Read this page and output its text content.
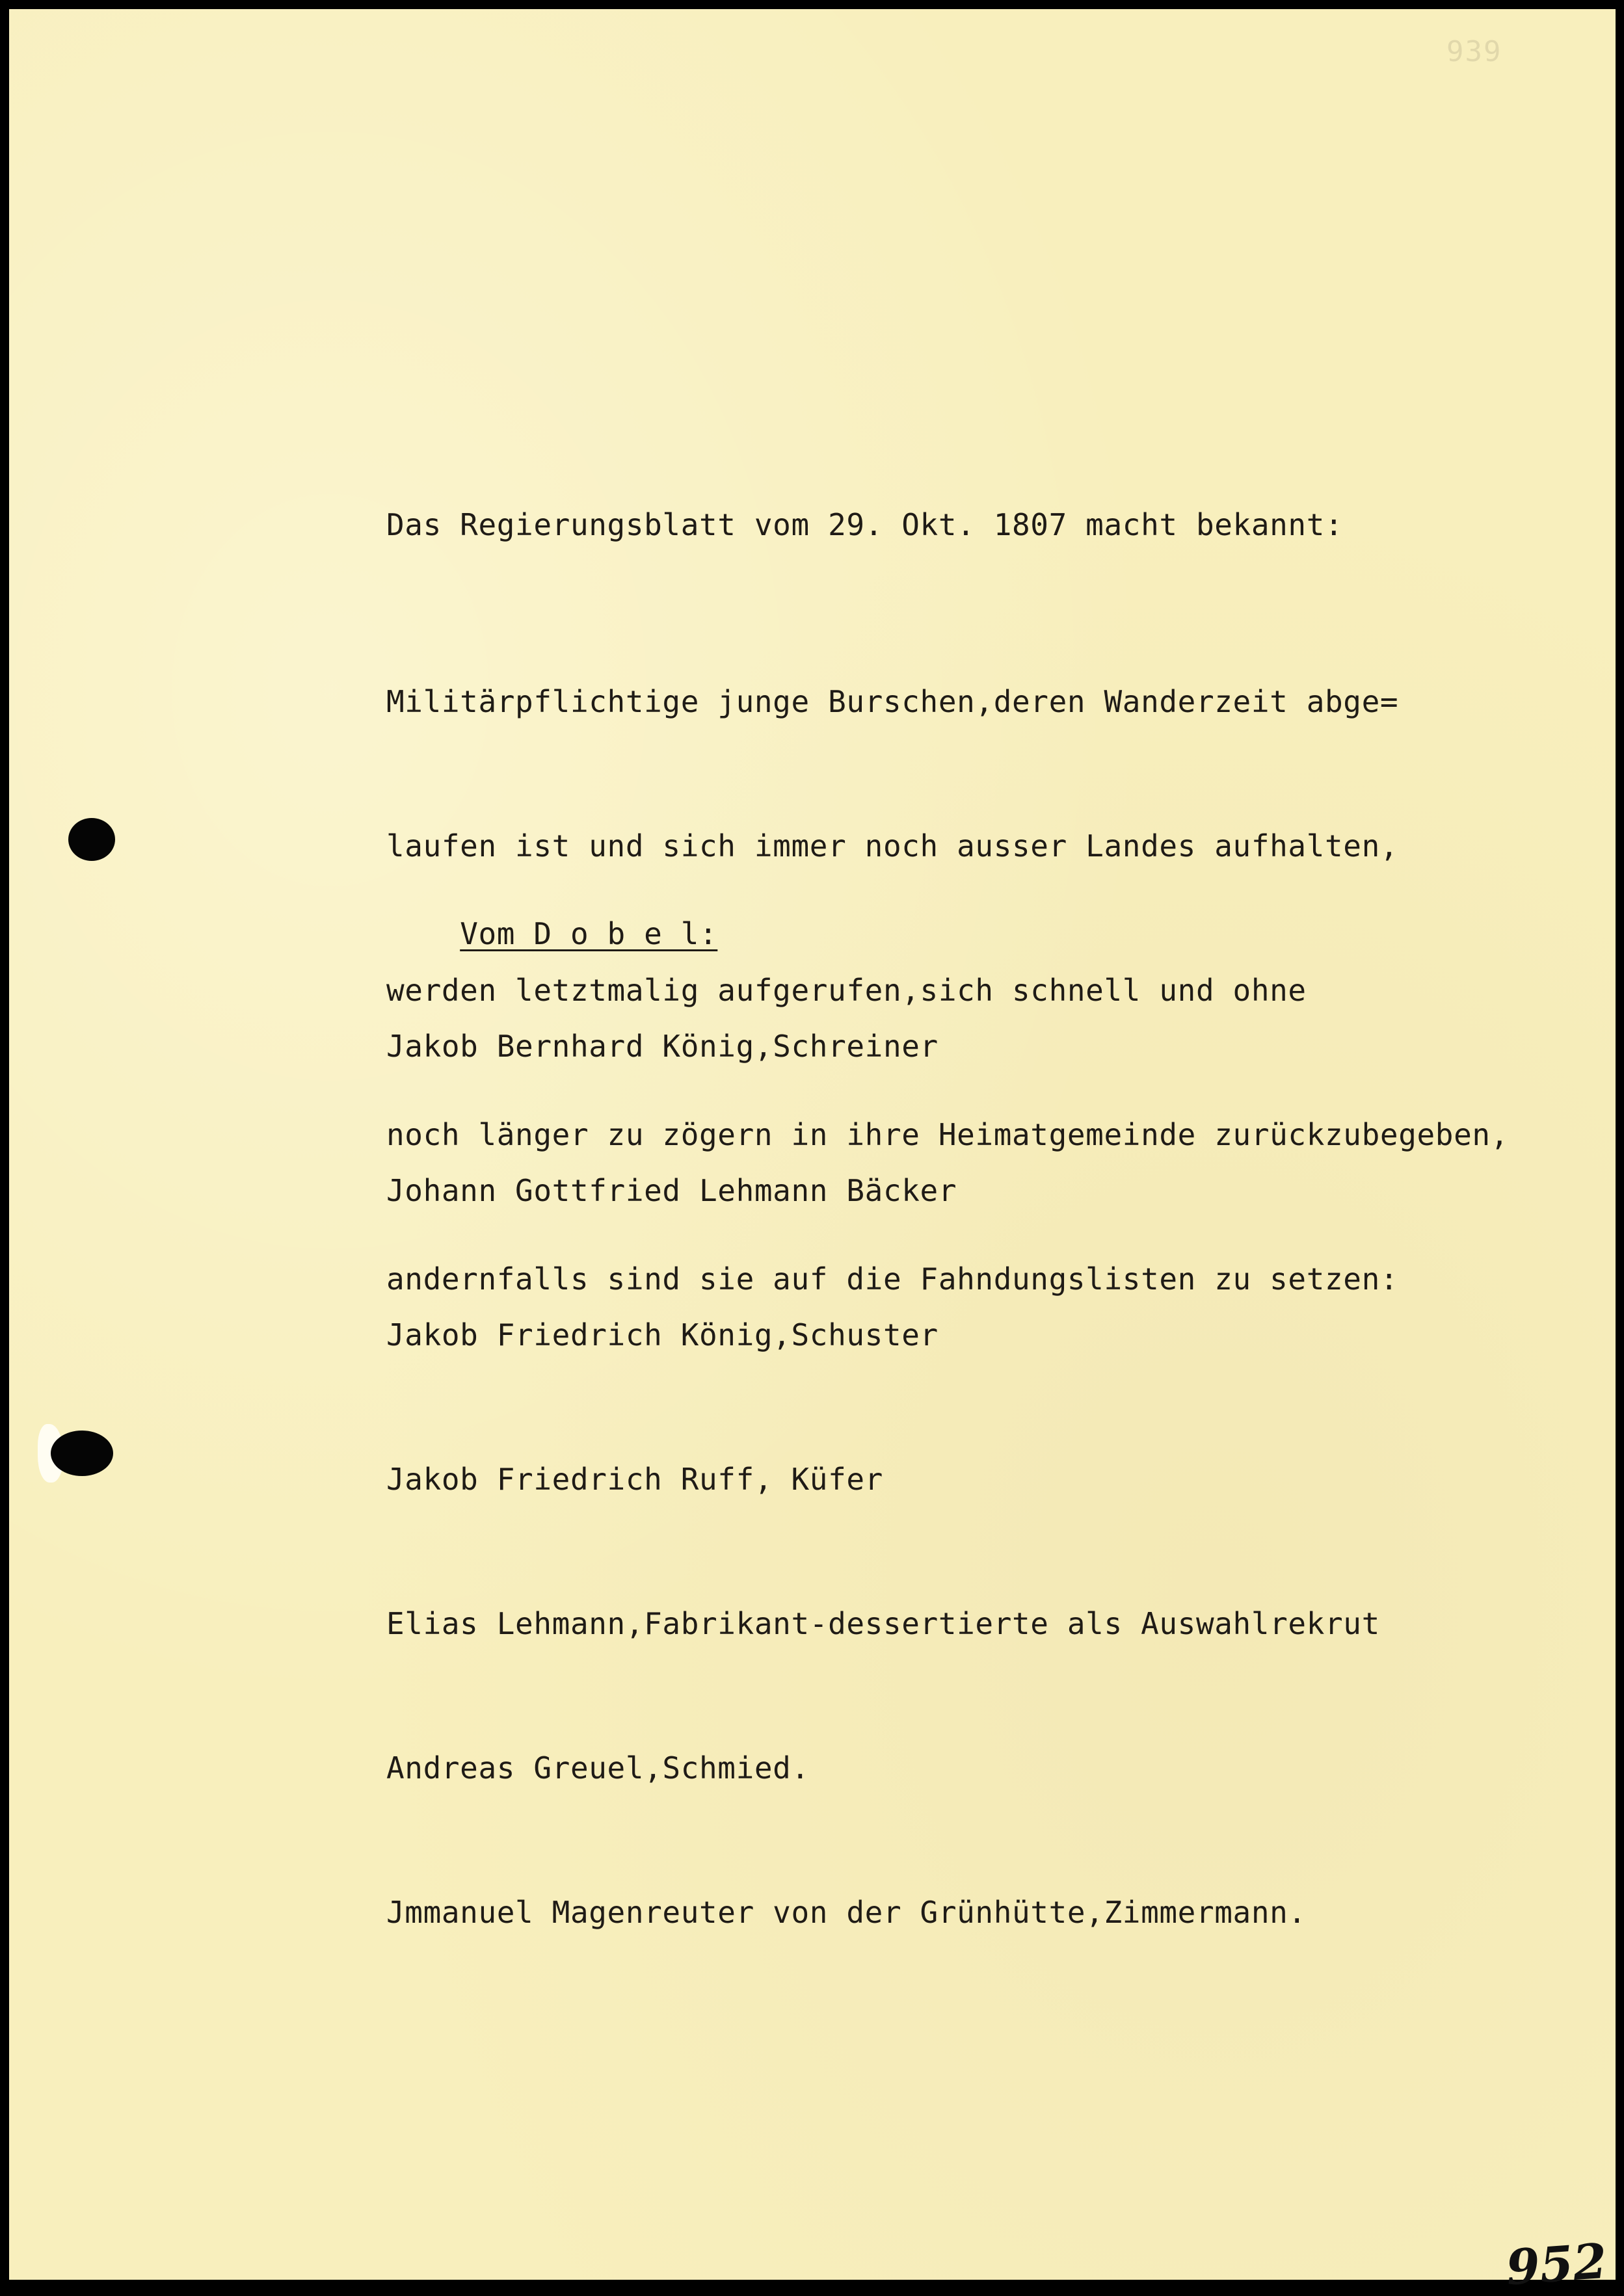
939
Das Regierungsblatt vom 29. Okt. 1807 macht bekannt:

Militärpflichtige junge Burschen,deren Wanderzeit abge=

laufen ist und sich immer noch ausser Landes aufhalten,

werden letztmalig aufgerufen,sich schnell und ohne

noch länger zu zögern in ihre Heimatgemeinde zurückzubegeben,

andernfalls sind sie auf die Fahndungslisten zu setzen:

Vom D o b e l:

Jakob Bernhard König,Schreiner

Johann Gottfried Lehmann Bäcker

Jakob Friedrich König,Schuster

Jakob Friedrich Ruff, Küfer

Elias Lehmann,Fabrikant-dessertierte als Auswahlrekrut

Andreas Greuel,Schmied.

Jmmanuel Magenreuter von der Grünhütte,Zimmermann.

952
